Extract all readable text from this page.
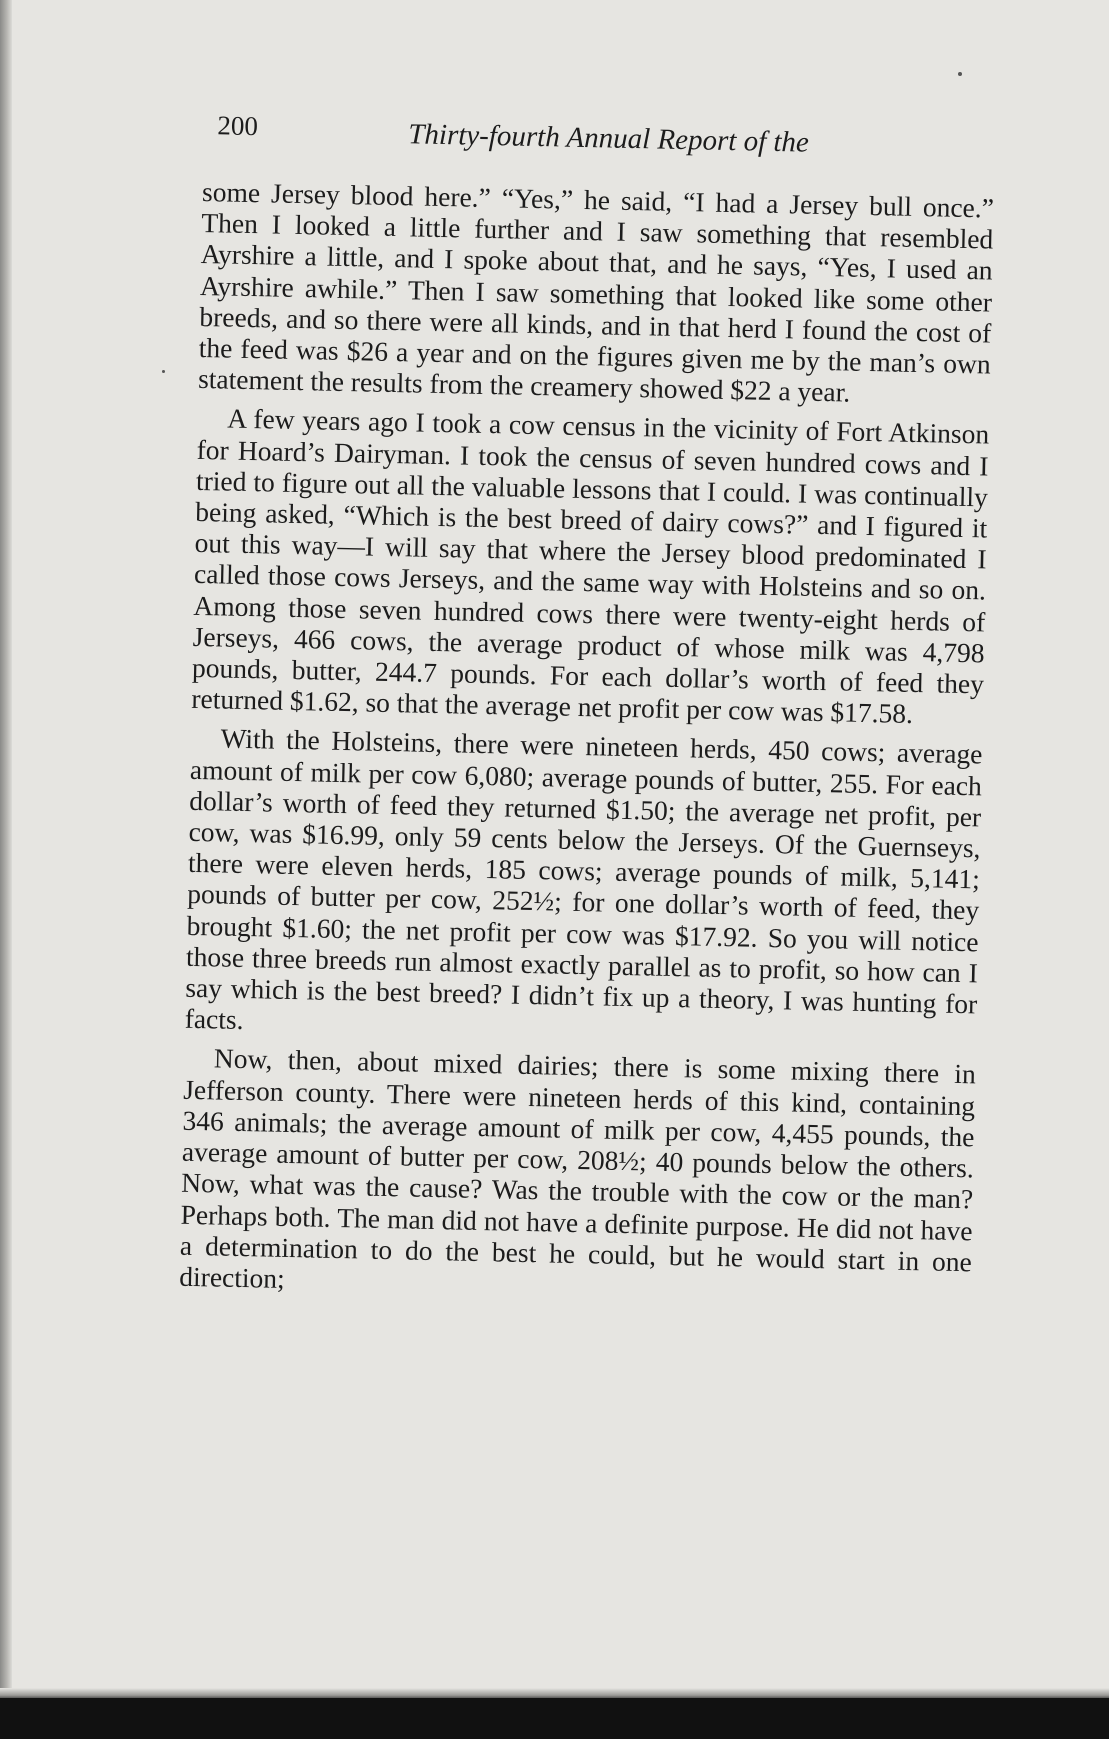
200	Thirty-fourth Annual Report of the

some Jersey blood here.” “Yes,” he said, “I had a Jersey bull once.” Then I looked a little further and I saw something that resembled Ayrshire a little, and I spoke about that, and he says, “Yes, I used an Ayrshire awhile.” Then I saw something that looked like some other breeds, and so there were all kinds, and in that herd I found the cost of the feed was $26 a year and on the figures given me by the man’s own statement the results from the creamery showed $22 a year.

A few years ago I took a cow census in the vicinity of Fort Atkinson for Hoard’s Dairyman. I took the census of seven hundred cows and I tried to figure out all the valuable lessons that I could. I was continually being asked, “Which is the best breed of dairy cows?” and I figured it out this way—I will say that where the Jersey blood predominated I called those cows Jerseys, and the same way with Holsteins and so on. Among those seven hundred cows there were twenty-eight herds of Jerseys, 466 cows, the average product of whose milk was 4,798 pounds, butter, 244.7 pounds. For each dollar’s worth of feed they returned $1.62, so that the average net profit per cow was $17.58.

With the Holsteins, there were nineteen herds, 450 cows; average amount of milk per cow 6,080; average pounds of butter, 255. For each dollar’s worth of feed they returned $1.50; the average net profit, per cow, was $16.99, only 59 cents below the Jerseys. Of the Guernseys, there were eleven herds, 185 cows; average pounds of milk, 5,141; pounds of butter per cow, 252½; for one dollar’s worth of feed, they brought $1.60; the net profit per cow was $17.92. So you will notice those three breeds run almost exactly parallel as to profit, so how can I say which is the best breed? I didn’t fix up a theory, I was hunting for facts.

Now, then, about mixed dairies; there is some mixing there in Jefferson county. There were nineteen herds of this kind, containing 346 animals; the average amount of milk per cow, 4,455 pounds, the average amount of butter per cow, 208½; 40 pounds below the others. Now, what was the cause? Was the trouble with the cow or the man? Perhaps both. The man did not have a definite purpose. He did not have a determination to do the best he could, but he would start in one direction;
